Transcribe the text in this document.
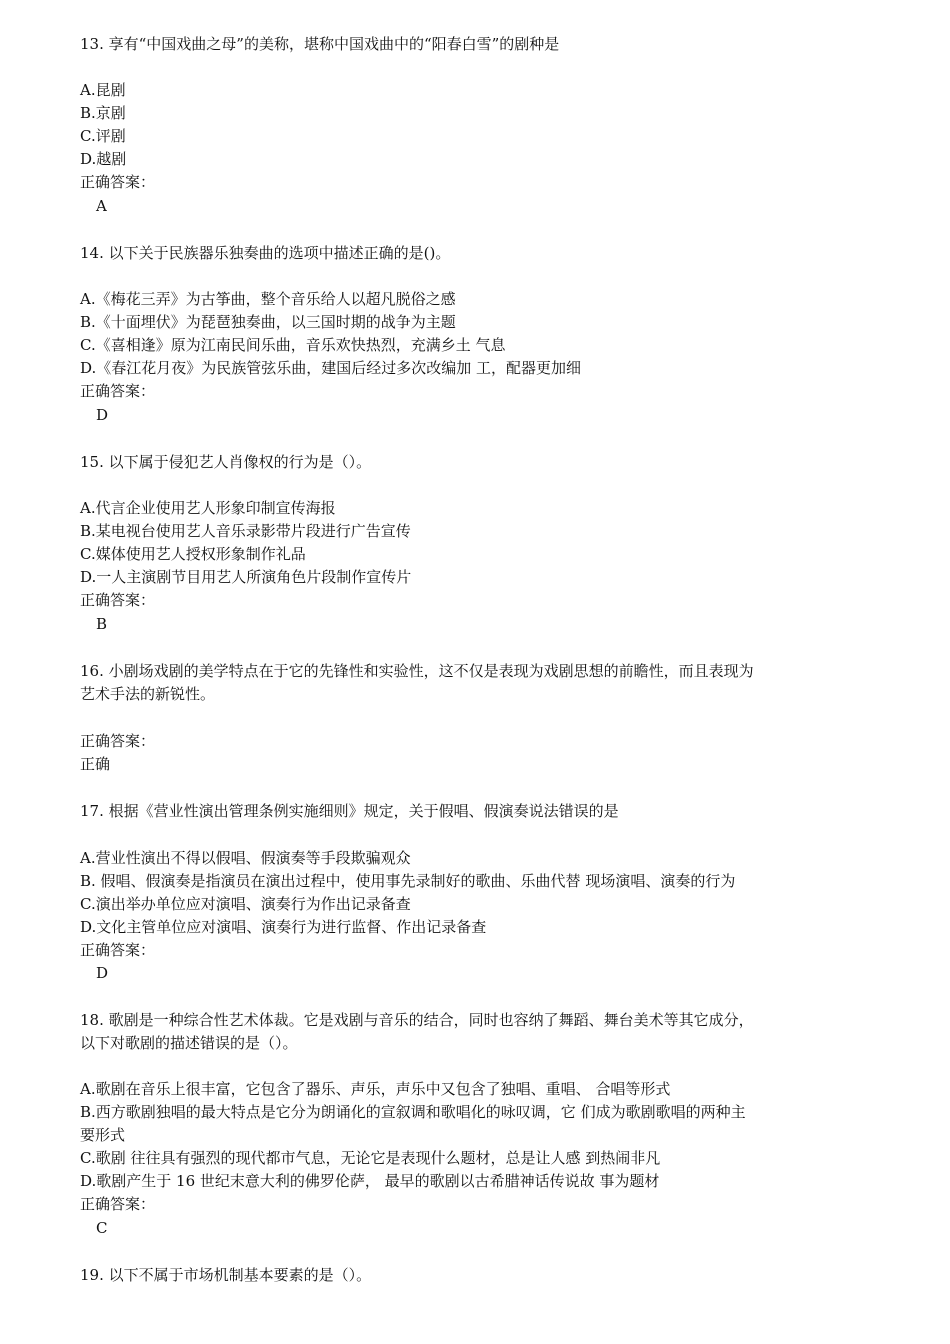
13. 享有“中国戏曲之母”的美称，堪称中国戏曲中的“阳春白雪”的剧种是
A.昆剧
B.京剧
C.评剧
D.越剧
正确答案：
A
14. 以下关于民族器乐独奏曲的选项中描述正确的是()。
A.《梅花三弄》为古筝曲，整个音乐给人以超凡脱俗之感
B.《十面埋伏》为琵琶独奏曲，以三国时期的战争为主题
C.《喜相逢》原为江南民间乐曲，音乐欢快热烈，充满乡土 气息
D.《春江花月夜》为民族管弦乐曲，建国后经过多次改编加 工，配器更加细
正确答案：
D
15. 以下属于侵犯艺人肖像权的行为是（）。
A.代言企业使用艺人形象印制宣传海报
B.某电视台使用艺人音乐录影带片段进行广告宣传
C.媒体使用艺人授权形象制作礼品
D.一人主演剧节目用艺人所演角色片段制作宣传片
正确答案：
B
16. 小剧场戏剧的美学特点在于它的先锋性和实验性，这不仅是表现为戏剧思想的前瞻性，而且表现为
艺术手法的新锐性。
正确答案：
正确
17. 根据《营业性演出管理条例实施细则》规定，关于假唱、假演奏说法错误的是
A.营业性演出不得以假唱、假演奏等手段欺骗观众
B. 假唱、假演奏是指演员在演出过程中，使用事先录制好的歌曲、乐曲代替 现场演唱、演奏的行为
C.演出举办单位应对演唱、演奏行为作出记录备查
D.文化主管单位应对演唱、演奏行为进行监督、作出记录备查
正确答案：
D
18. 歌剧是一种综合性艺术体裁。它是戏剧与音乐的结合，同时也容纳了舞蹈、舞台美术等其它成分，
以下对歌剧的描述错误的是（）。
A.歌剧在音乐上很丰富，它包含了器乐、声乐，声乐中又包含了独唱、重唱、 合唱等形式
B.西方歌剧独唱的最大特点是它分为朗诵化的宣叙调和歌唱化的咏叹调，它 们成为歌剧歌唱的两种主
要形式
C.歌剧 往往具有强烈的现代都市气息，无论它是表现什么题材，总是让人感 到热闹非凡
D.歌剧产生于 16 世纪末意大利的佛罗伦萨， 最早的歌剧以古希腊神话传说故 事为题材
正确答案：
C
19. 以下不属于市场机制基本要素的是（）。
